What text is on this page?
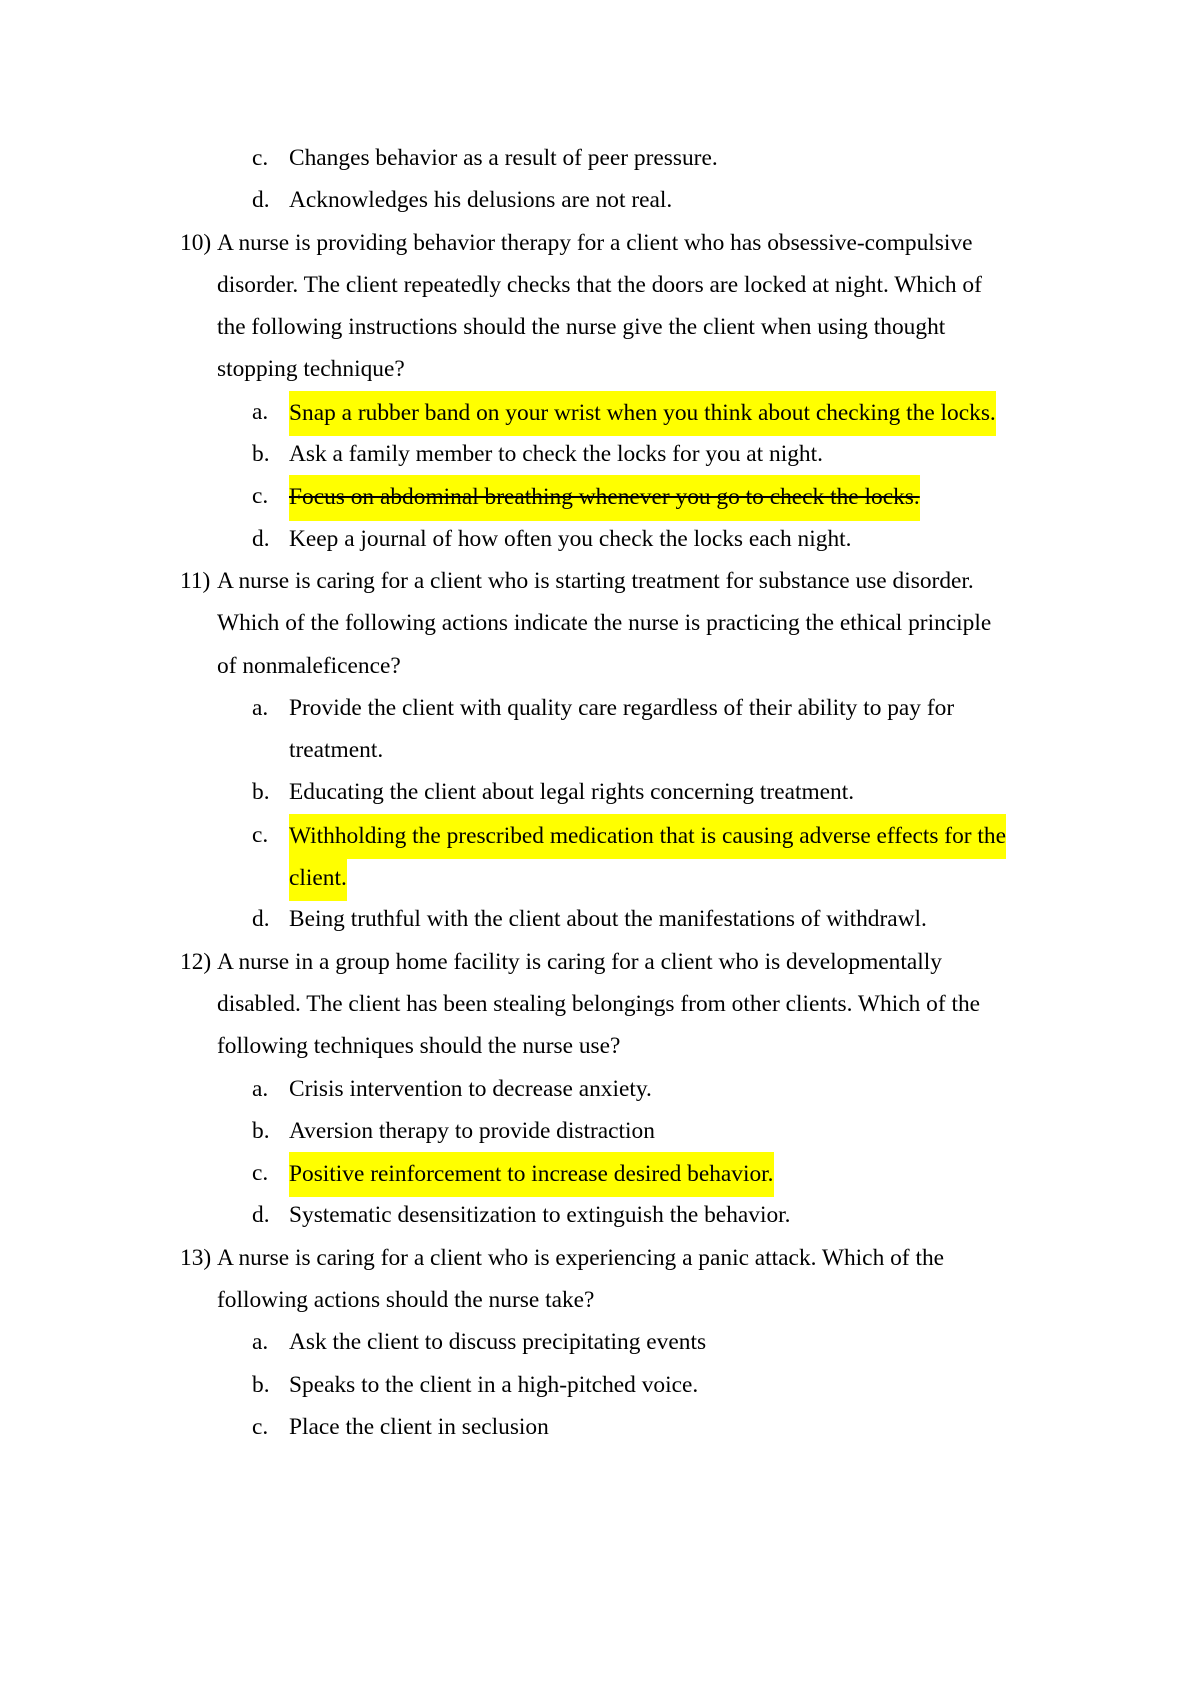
c. Changes behavior as a result of peer pressure.
d. Acknowledges his delusions are not real.
10) A nurse is providing behavior therapy for a client who has obsessive-compulsive
disorder. The client repeatedly checks that the doors are locked at night. Which of
the following instructions should the nurse give the client when using thought
stopping technique?
a. Snap a rubber band on your wrist when you think about checking the locks.
b. Ask a family member to check the locks for you at night.
c. Focus on abdominal breathing whenever you go to check the locks.
d. Keep a journal of how often you check the locks each night.
11) A nurse is caring for a client who is starting treatment for substance use disorder.
Which of the following actions indicate the nurse is practicing the ethical principle
of nonmaleficence?
a. Provide the client with quality care regardless of their ability to pay for
treatment.
b. Educating the client about legal rights concerning treatment.
c. Withholding the prescribed medication that is causing adverse effects for the
client.
d. Being truthful with the client about the manifestations of withdrawl.
12) A nurse in a group home facility is caring for a client who is developmentally
disabled. The client has been stealing belongings from other clients. Which of the
following techniques should the nurse use?
a. Crisis intervention to decrease anxiety.
b. Aversion therapy to provide distraction
c. Positive reinforcement to increase desired behavior.
d. Systematic desensitization to extinguish the behavior.
13) A nurse is caring for a client who is experiencing a panic attack. Which of the
following actions should the nurse take?
a. Ask the client to discuss precipitating events
b. Speaks to the client in a high-pitched voice.
c. Place the client in seclusion
